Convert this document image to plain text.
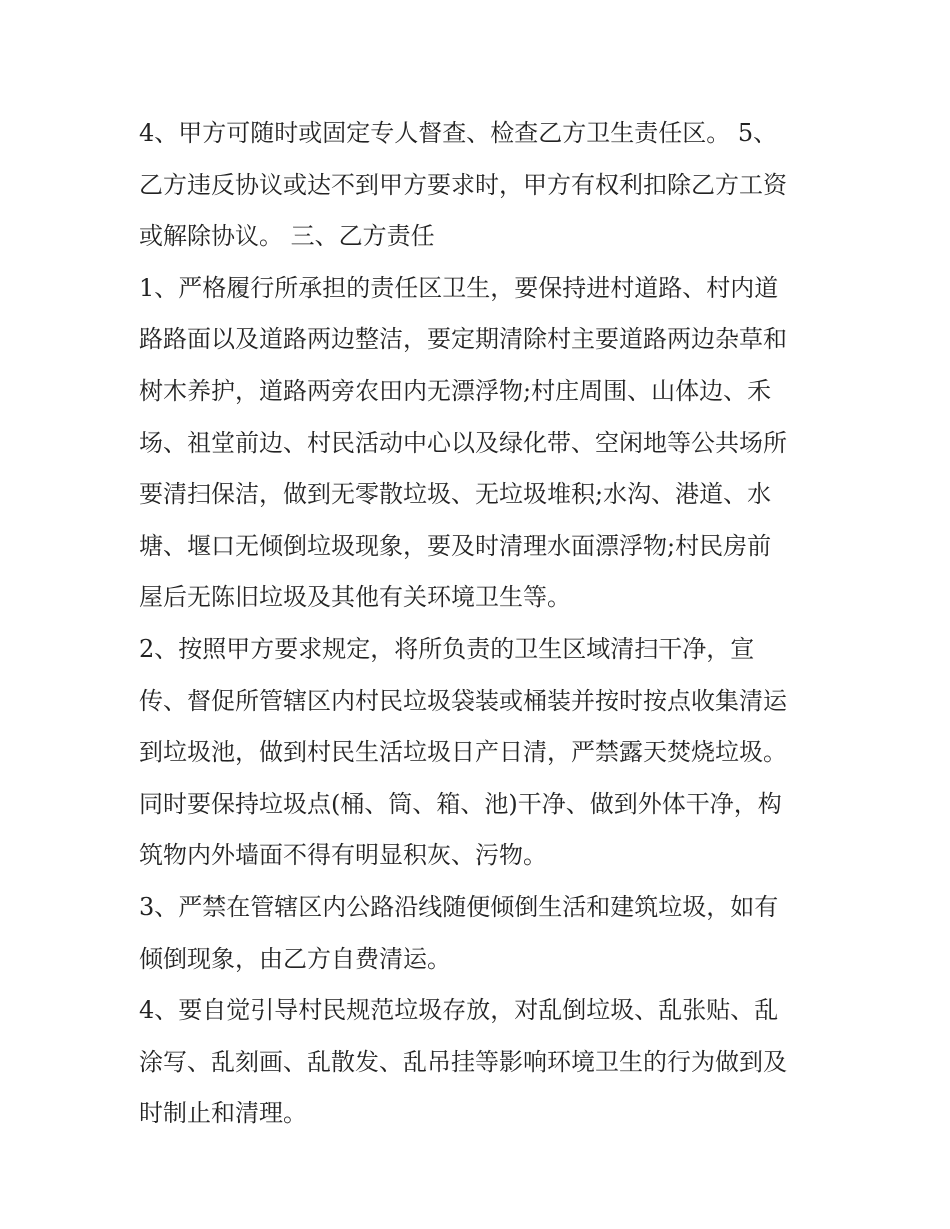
4、甲方可随时或固定专人督查、检查乙方卫生责任区。 5、
乙方违反协议或达不到甲方要求时，甲方有权利扣除乙方工资
或解除协议。 三、乙方责任
1、严格履行所承担的责任区卫生，要保持进村道路、村内道
路路面以及道路两边整洁，要定期清除村主要道路两边杂草和
树木养护，道路两旁农田内无漂浮物;村庄周围、山体边、禾
场、祖堂前边、村民活动中心以及绿化带、空闲地等公共场所
要清扫保洁，做到无零散垃圾、无垃圾堆积;水沟、港道、水
塘、堰口无倾倒垃圾现象，要及时清理水面漂浮物;村民房前
屋后无陈旧垃圾及其他有关环境卫生等。
2、按照甲方要求规定，将所负责的卫生区域清扫干净，宣
传、督促所管辖区内村民垃圾袋装或桶装并按时按点收集清运
到垃圾池，做到村民生活垃圾日产日清，严禁露天焚烧垃圾。
同时要保持垃圾点(桶、筒、箱、池)干净、做到外体干净，构
筑物内外墙面不得有明显积灰、污物。
3、严禁在管辖区内公路沿线随便倾倒生活和建筑垃圾，如有
倾倒现象，由乙方自费清运。
4、要自觉引导村民规范垃圾存放，对乱倒垃圾、乱张贴、乱
涂写、乱刻画、乱散发、乱吊挂等影响环境卫生的行为做到及
时制止和清理。
